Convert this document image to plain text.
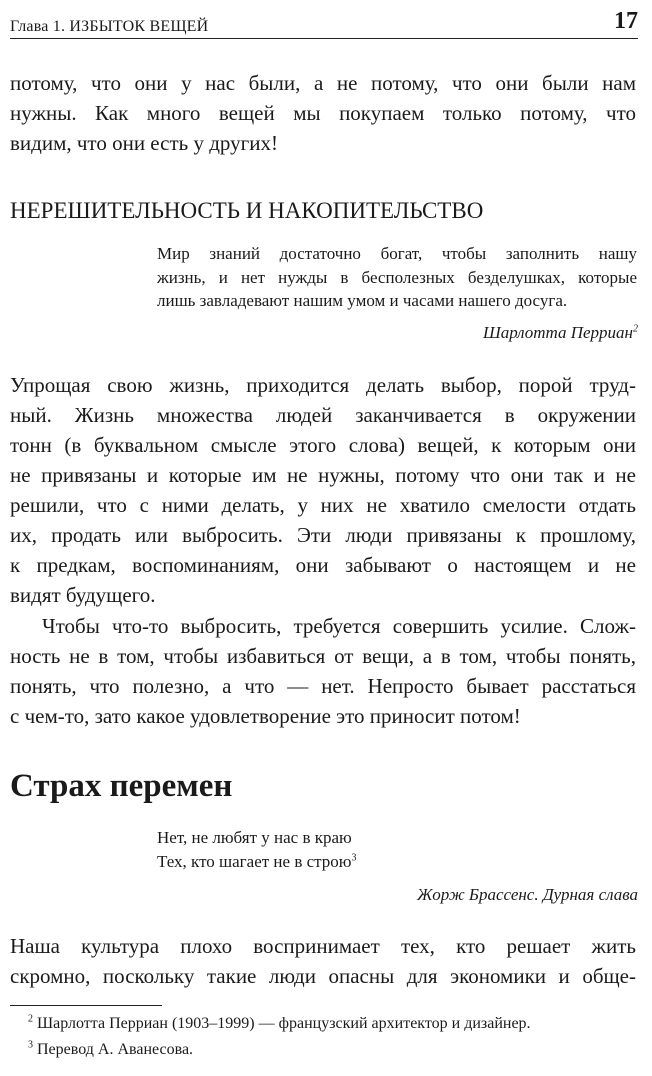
Глава 1. ИЗБЫТОК ВЕЩЕЙ	17
потому, что они у нас были, а не потому, что они были нам
нужны. Как много вещей мы покупаем только потому, что
видим, что они есть у других!
НЕРЕШИТЕЛЬНОСТЬ И НАКОПИТЕЛЬСТВО
Мир знаний достаточно богат, чтобы заполнить нашу
жизнь, и нет нужды в бесполезных безделушках, которые
лишь завладевают нашим умом и часами нашего досуга.
Шарлотта Перриан$^2$
Упрощая свою жизнь, приходится делать выбор, порой труд-
ный. Жизнь множества людей заканчивается в окружении
тонн (в буквальном смысле этого слова) вещей, к которым они
не привязаны и которые им не нужны, потому что они так и не
решили, что с ними делать, у них не хватило смелости отдать
их, продать или выбросить. Эти люди привязаны к прошлому,
к предкам, воспоминаниям, они забывают о настоящем и не
видят будущего.
Чтобы что-то выбросить, требуется совершить усилие. Слож-
ность не в том, чтобы избавиться от вещи, а в том, чтобы понять,
понять, что полезно, а что — нет. Непросто бывает расстаться
с чем-то, зато какое удовлетворение это приносит потом!
Страх перемен
Нет, не любят у нас в краю
Тех, кто шагает не в строю$^3$
Жорж Брассенс. Дурная слава
Наша культура плохо воспринимает тех, кто решает жить
скромно, поскольку такие люди опасны для экономики и обще-
$^2$ Шарлотта Перриан (1903–1999) — французский архитектор и дизайнер.
$^3$ Перевод А. Аванесова.
